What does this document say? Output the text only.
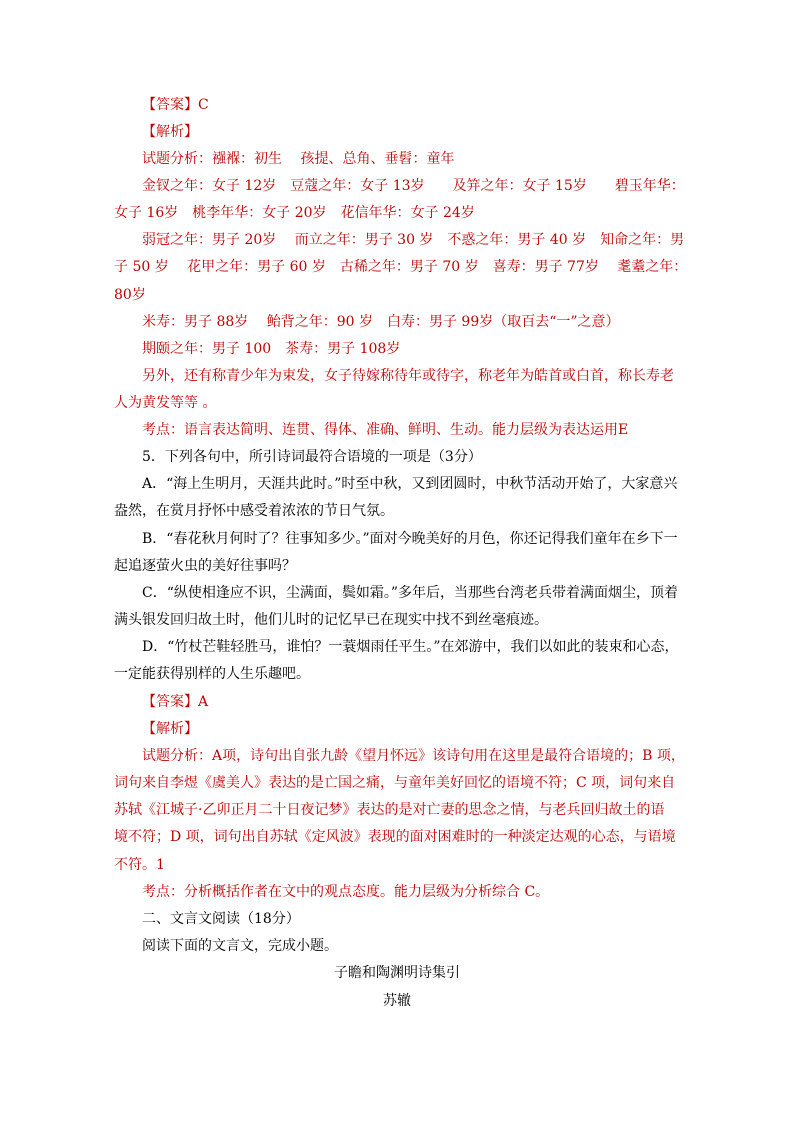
【答案】C
【解析】
试题分析：襁褓：初生　 孩提、总角、垂髫：童年
金钗之年：女子 12岁　豆蔻之年：女子 13岁　　及笄之年：女子 15岁　　碧玉年华：
女子 16岁　桃李年华：女子 20岁　花信年华：女子 24岁
弱冠之年：男子 20岁　 而立之年：男子 30 岁　不惑之年：男子 40 岁　知命之年：男
子 50 岁　 花甲之年：男子 60 岁　古稀之年：男子 70 岁　喜寿：男子 77岁　 耄耋之年：
80岁
米寿：男子 88岁　 鲐背之年：90 岁　白寿：男子 99岁（取百去“一”之意）
期颐之年：男子 100　茶寿：男子 108岁
另外，还有称青少年为束发，女子待嫁称待年或待字，称老年为皓首或白首，称长寿老
人为黄发等等 。
考点：语言表达简明、连贯、得体、准确、鲜明、生动。能力层级为表达运用E
5．下列各句中，所引诗词最符合语境的一项是（3分）
A．“海上生明月，天涯共此时。”时至中秋，又到团圆时，中秋节活动开始了，大家意兴
盎然，在赏月抒怀中感受着浓浓的节日气氛。
B．“春花秋月何时了？往事知多少。”面对今晚美好的月色，你还记得我们童年在乡下一
起追逐萤火虫的美好往事吗？
C．“纵使相逢应不识，尘满面，鬓如霜。”多年后，当那些台湾老兵带着满面烟尘，顶着
满头银发回归故土时，他们儿时的记忆早已在现实中找不到丝毫痕迹。
D．“竹杖芒鞋轻胜马，谁怕？一蓑烟雨任平生。”在郊游中，我们以如此的装束和心态，
一定能获得别样的人生乐趣吧。
【答案】A
【解析】
试题分析：A项，诗句出自张九龄《望月怀远》该诗句用在这里是最符合语境的；B 项，
词句来自李煜《虞美人》表达的是亡国之痛，与童年美好回忆的语境不符；C 项，词句来自
苏轼《江城子·乙卯正月二十日夜记梦》表达的是对亡妻的思念之情，与老兵回归故土的语
境不符；D 项，词句出自苏轼《定风波》表现的面对困难时的一种淡定达观的心态，与语境
不符。1
考点：分析概括作者在文中的观点态度。能力层级为分析综合 C。
二、文言文阅读（18分）
阅读下面的文言文，完成小题。
子瞻和陶渊明诗集引
苏辙
